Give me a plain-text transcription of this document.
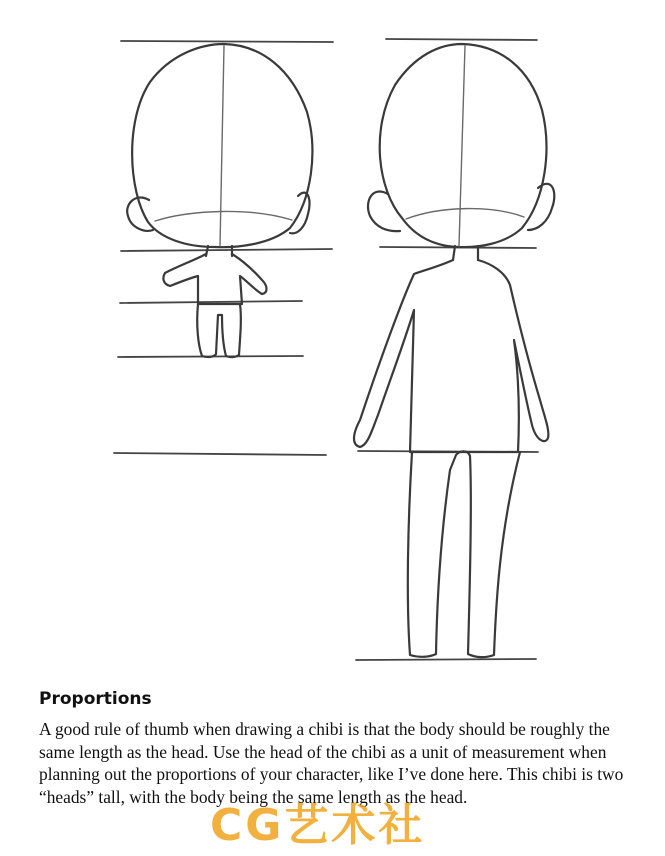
Proportions

A good rule of thumb when drawing a chibi is that the body should be roughly the same length as the head. Use the head of the chibi as a unit of measurement when planning out the proportions of your character, like I’ve done here. This chibi is two “heads” tall, with the body being the same length as the head.

CG艺术社
